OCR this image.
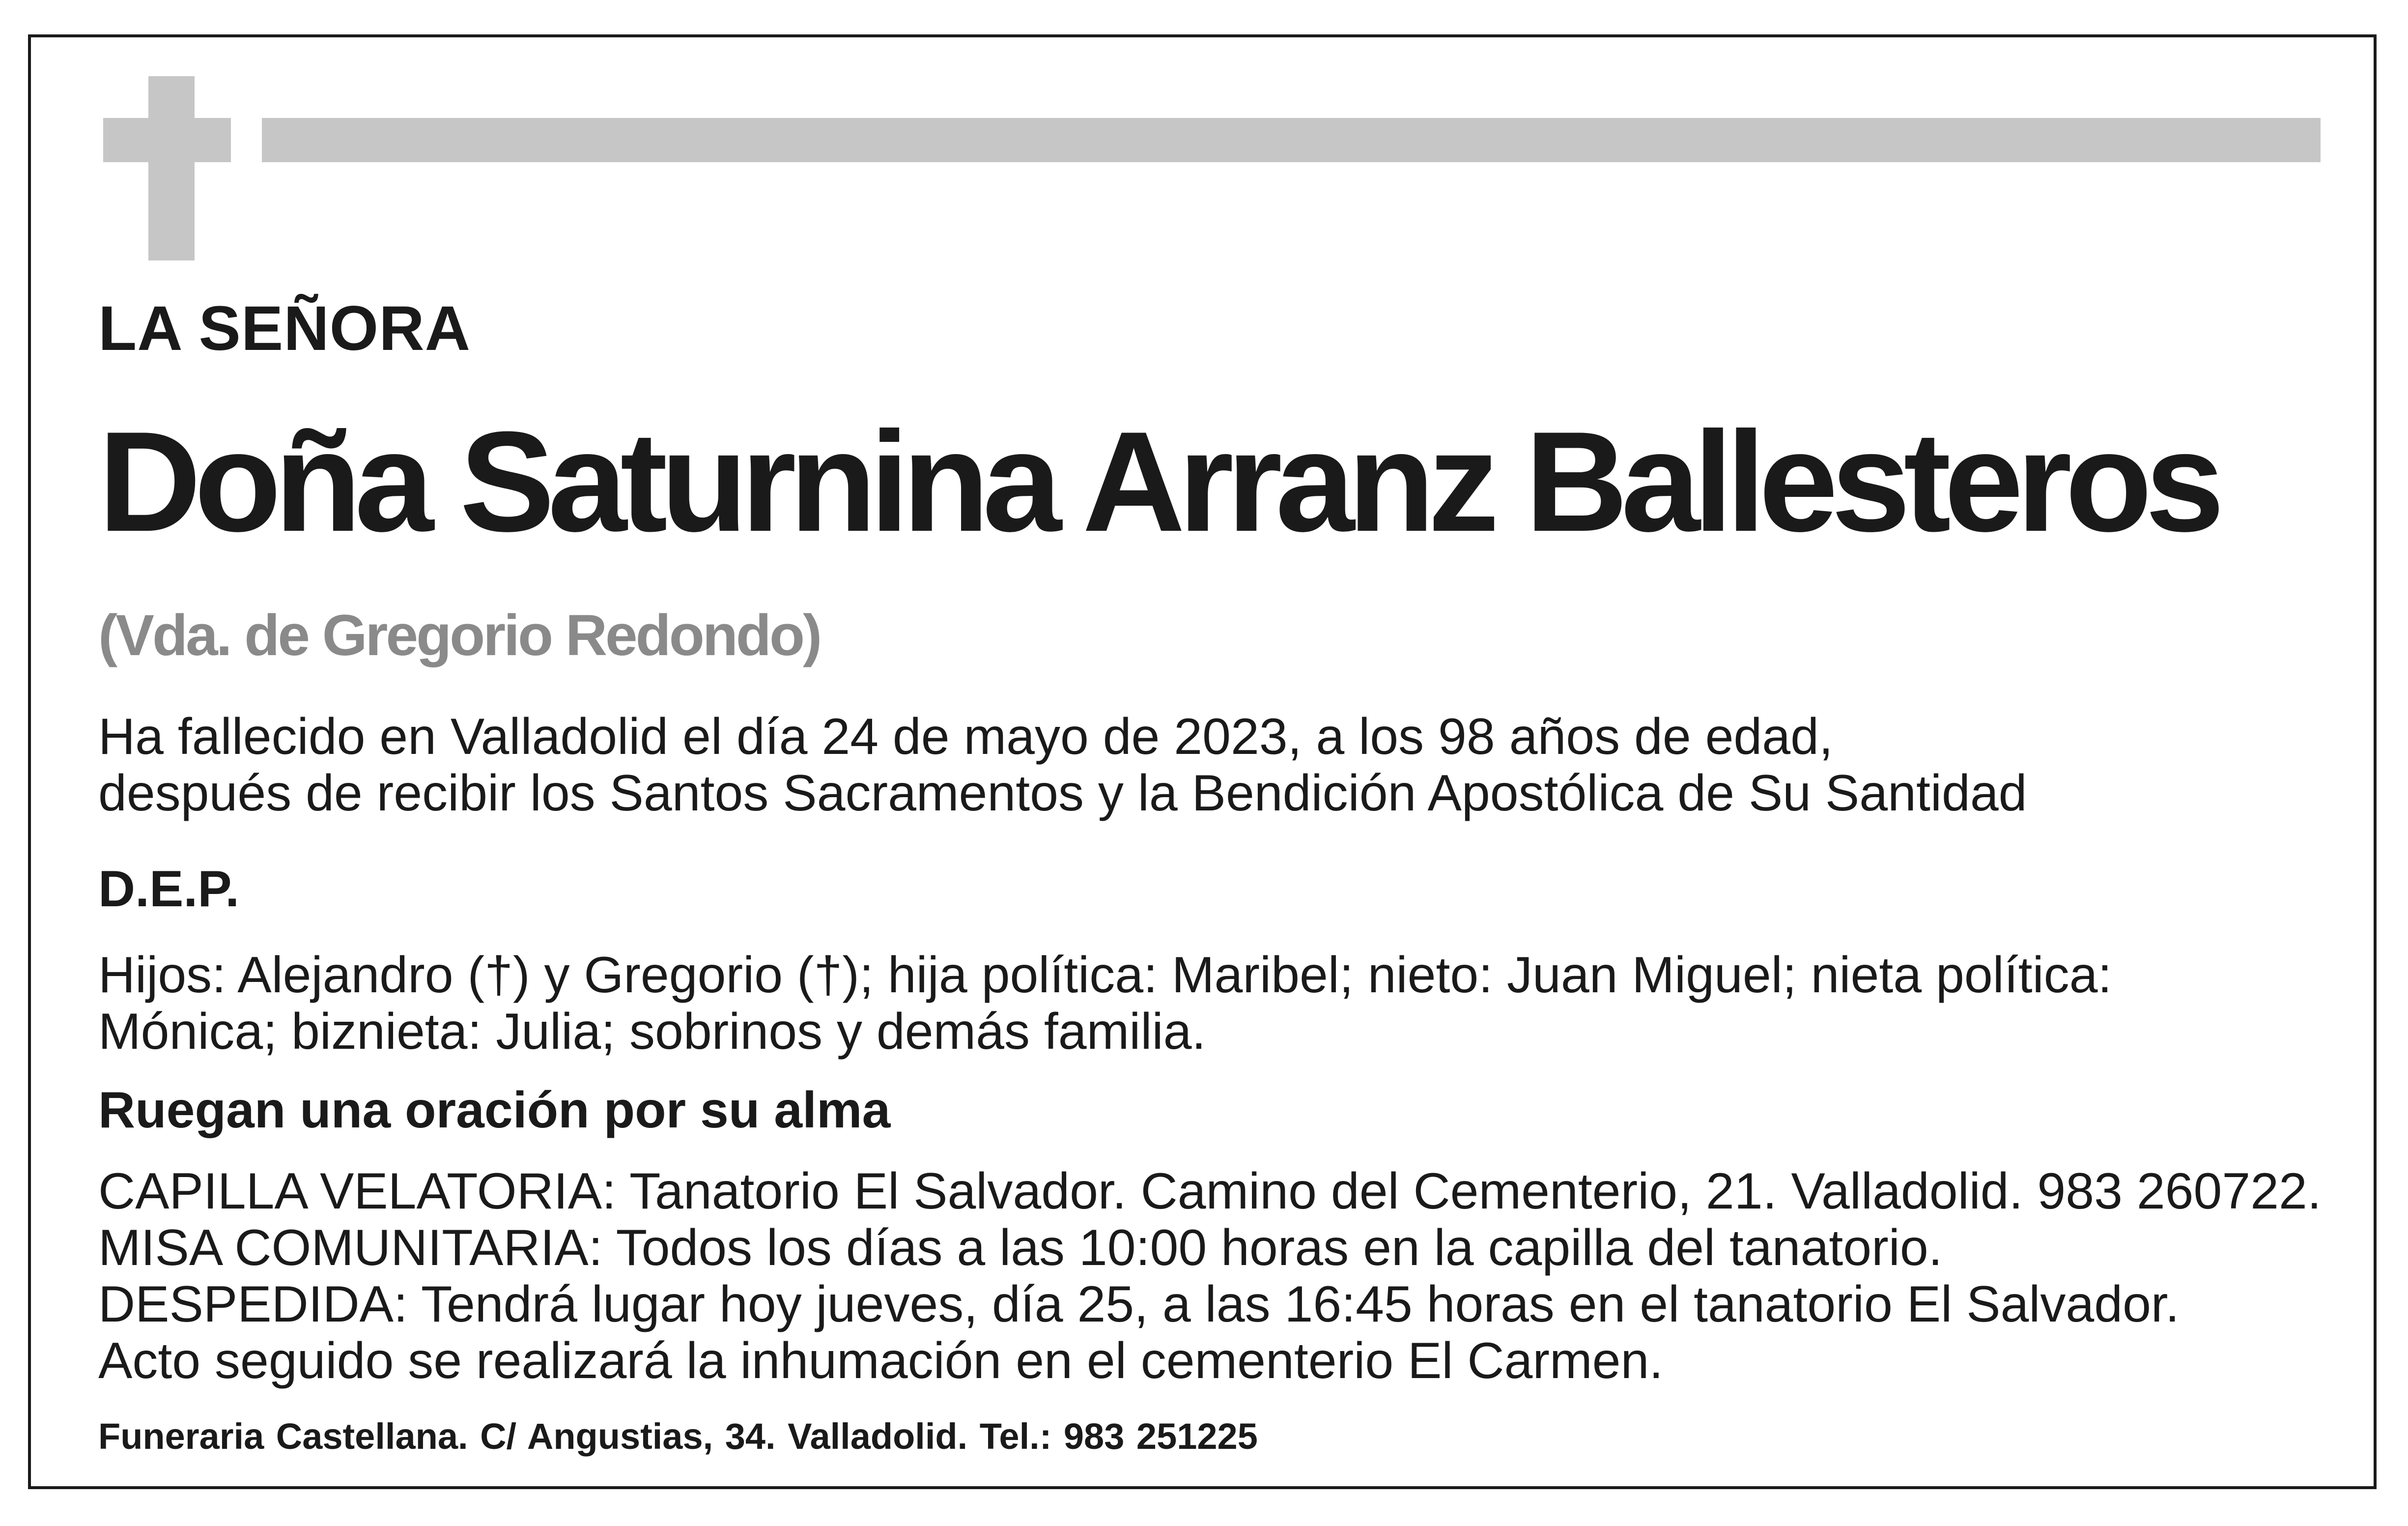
LA SEÑORA

Doña Saturnina Arranz Ballesteros

(Vda. de Gregorio Redondo)

Ha fallecido en Valladolid el día 24 de mayo de 2023, a los 98 años de edad,

después de recibir los Santos Sacramentos y la Bendición Apostólica de Su Santidad

D.E.P.

Hijos: Alejandro (†) y Gregorio (†); hija política: Maribel; nieto: Juan Miguel; nieta política:

Mónica; biznieta: Julia; sobrinos y demás familia.

Ruegan una oración por su alma

CAPILLA VELATORIA: Tanatorio El Salvador. Camino del Cementerio, 21. Valladolid. 983 260722.

MISA COMUNITARIA: Todos los días a las 10:00 horas en la capilla del tanatorio.

DESPEDIDA: Tendrá lugar hoy jueves, día 25, a las 16:45 horas en el tanatorio El Salvador.

Acto seguido se realizará la inhumación en el cementerio El Carmen.

Funeraria Castellana. C/ Angustias, 34. Valladolid. Tel.: 983 251225
